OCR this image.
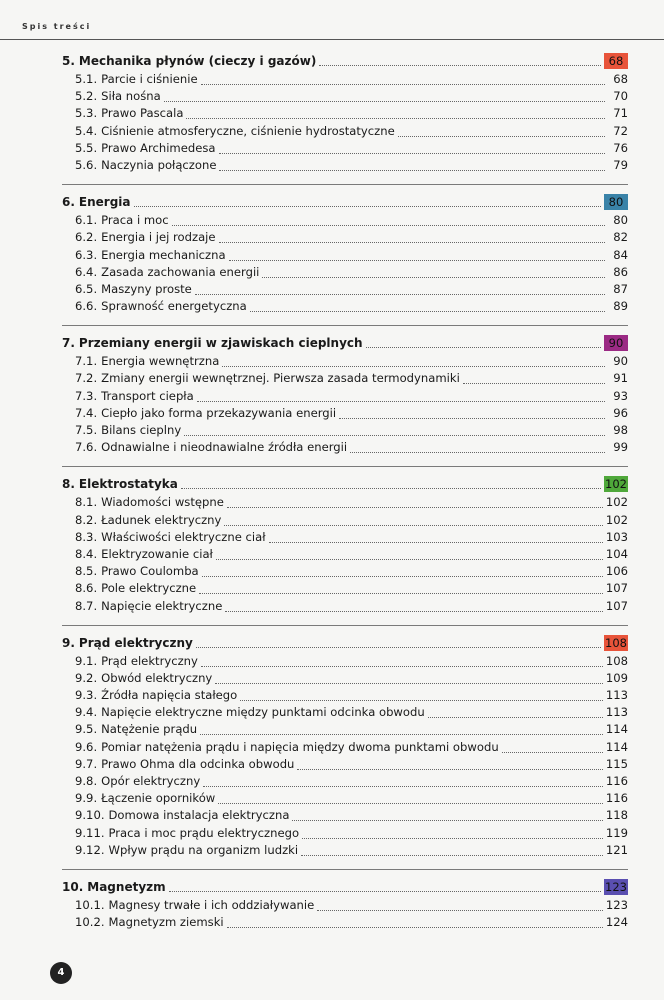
Spis treści
5. Mechanika płynów (cieczy i gazów)	68
5.1. Parcie i ciśnienie	68
5.2. Siła nośna	70
5.3. Prawo Pascala	71
5.4. Ciśnienie atmosferyczne, ciśnienie hydrostatyczne	72
5.5. Prawo Archimedesa	76
5.6. Naczynia połączone	79
6. Energia	80
6.1. Praca i moc	80
6.2. Energia i jej rodzaje	82
6.3. Energia mechaniczna	84
6.4. Zasada zachowania energii	86
6.5. Maszyny proste	87
6.6. Sprawność energetyczna	89
7. Przemiany energii w zjawiskach cieplnych	90
7.1. Energia wewnętrzna	90
7.2. Zmiany energii wewnętrznej. Pierwsza zasada termodynamiki	91
7.3. Transport ciepła	93
7.4. Ciepło jako forma przekazywania energii	96
7.5. Bilans cieplny	98
7.6. Odnawialne i nieodnawialne źródła energii	99
8. Elektrostatyka	102
8.1. Wiadomości wstępne	102
8.2. Ładunek elektryczny	102
8.3. Właściwości elektryczne ciał	103
8.4. Elektryzowanie ciał	104
8.5. Prawo Coulomba	106
8.6. Pole elektryczne	107
8.7. Napięcie elektryczne	107
9. Prąd elektryczny	108
9.1. Prąd elektryczny	108
9.2. Obwód elektryczny	109
9.3. Źródła napięcia stałego	113
9.4. Napięcie elektryczne między punktami odcinka obwodu	113
9.5. Natężenie prądu	114
9.6. Pomiar natężenia prądu i napięcia między dwoma punktami obwodu	114
9.7. Prawo Ohma dla odcinka obwodu	115
9.8. Opór elektryczny	116
9.9. Łączenie oporników	116
9.10. Domowa instalacja elektryczna	118
9.11. Praca i moc prądu elektrycznego	119
9.12. Wpływ prądu na organizm ludzki	121
10. Magnetyzm	123
10.1. Magnesy trwałe i ich oddziaływanie	123
10.2. Magnetyzm ziemski	124
4
